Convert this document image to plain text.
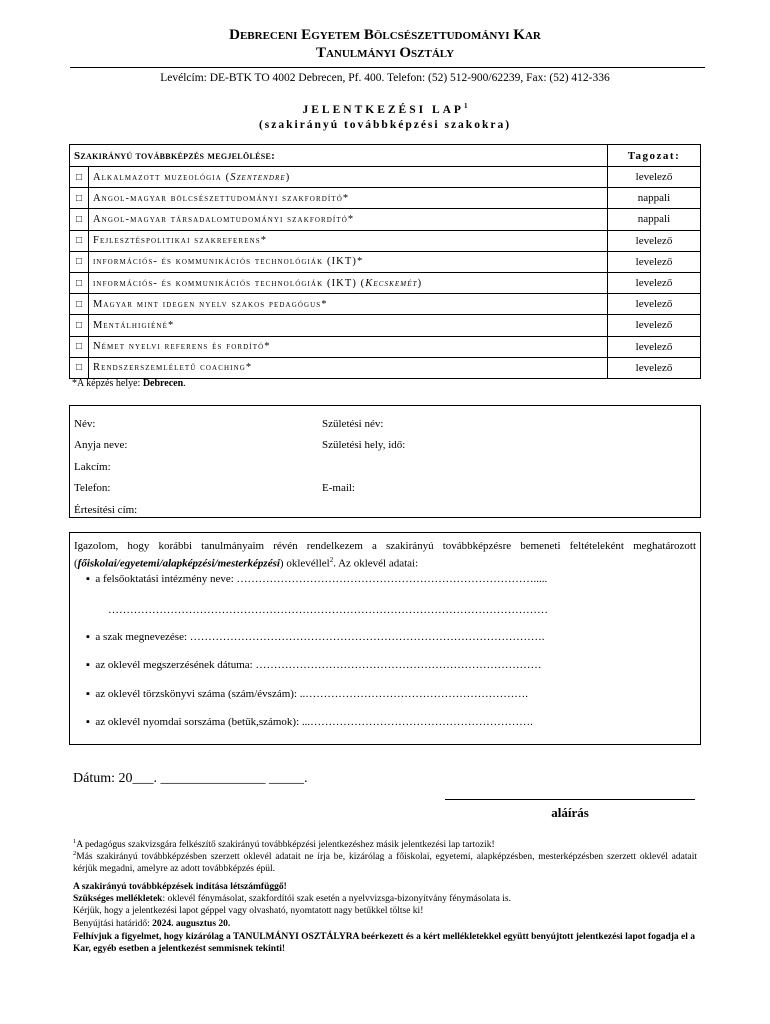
Debreceni Egyetem Bölcsészettudományi Kar
Tanulmányi Osztály
Levélcím: DE-BTK TO 4002 Debrecen, Pf. 400. Telefon: (52) 512-900/62239, Fax: (52) 412-336
JELENTKEZÉSI LAP$^1$
(szakirányú továbbképzési szakokra)
Szakirányú továbbképzés megjelölése:		Tagozat:
□	Alkalmazott muzeológia (Szentendre)	levelező
□	Angol-magyar bölcsészettudományi szakfordító*	nappali
□	Angol-magyar társadalomtudományi szakfordító*	nappali
□	Fejlesztéspolitikai szakreferens*	levelező
□	információs- és kommunikációs technológiák (IKT)*	levelező
□	információs- és kommunikációs technológiák (IKT) (Kecskemét)	levelező
□	Magyar mint idegen nyelv szakos pedagógus*	levelező
□	Mentálhigiéné*	levelező
□	Német nyelvi referens és fordító*	levelező
□	Rendszerszemléletű coaching*	levelező
*A képzés helye: Debrecen.
Név:	Születési név:
Anyja neve:	Születési hely, idő:
Lakcím:
Telefon:	E-mail:
Értesítési cím:
Igazolom, hogy korábbi tanulmányaim révén rendelkezem a szakirányú továbbképzésre bemeneti feltételeként meghatározott (főiskolai/egyetemi/alapképzési/mesterképzési) oklevéllel$^2$. Az oklevél adatai:
▪ a felsőoktatási intézmény neve: ……………………………………………………………………….....
…………………………………………………………………………………………………………
▪ a szak megnevezése: …………………………………………………………………………………….
▪ az oklevél megszerzésének dátuma: ……………………………………………………………………
▪ az oklevél törzskönyvi száma (szám/évszám): ..…………………………………………………….
▪ az oklevél nyomdai sorszáma (betűk,számok): ...…………………………………………………….
Dátum: 20___. _______________ _____.
aláírás
$^1$A pedagógus szakvizsgára felkészítő szakirányú továbbképzési jelentkezéshez másik jelentkezési lap tartozik!
$^2$Más szakirányú továbbképzésben szerzett oklevél adatait ne írja be, kizárólag a főiskolai, egyetemi, alapképzésben, mesterképzésben szerzett oklevél adatait kérjük megadni, amelyre az adott továbbképzés épül.
A szakirányú továbbképzések indítása létszámfüggő!
Szükséges mellékletek: oklevél fénymásolat, szakfordítói szak esetén a nyelvvizsga-bizonyítvány fénymásolata is.
Kérjük, hogy a jelentkezési lapot géppel vagy olvasható, nyomtatott nagy betűkkel töltse ki!
Benyújtási határidő: 2024. augusztus 20.
Felhívjuk a figyelmet, hogy kizárólag a TANULMÁNYI OSZTÁLYRA beérkezett és a kért mellékletekkel együtt benyújtott jelentkezési lapot fogadja el a Kar, egyéb esetben a jelentkezést semmisnek tekinti!
